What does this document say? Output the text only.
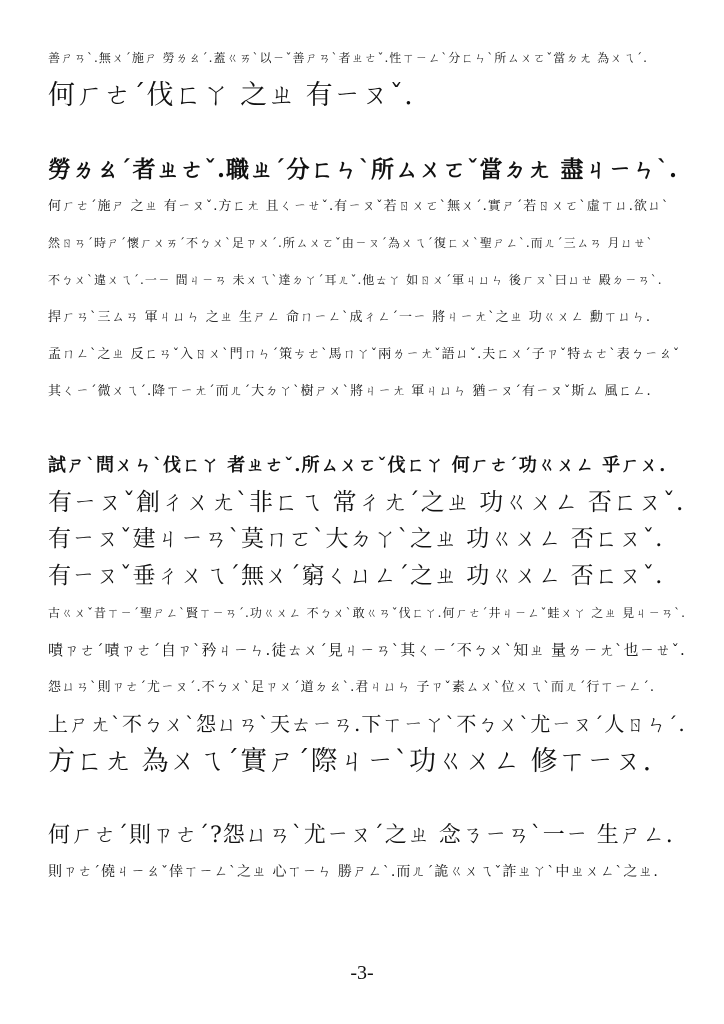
善ㄕㄢˋ.無ㄨˊ施ㄕ 勞ㄌㄠˊ.蓋ㄍㄞˋ以ㄧˇ善ㄕㄢˋ者ㄓㄜˇ.性ㄒㄧㄥˋ分ㄈㄣˋ所ㄙㄨㄛˇ當ㄉㄤ 為ㄨㄟˊ.
何ㄏㄜˊ伐ㄈㄚ 之ㄓ 有ㄧㄡˇ.
勞ㄌㄠˊ者ㄓㄜˇ.職ㄓˊ分ㄈㄣˋ所ㄙㄨㄛˇ當ㄉㄤ 盡ㄐㄧㄣˋ.
何ㄏㄜˊ施ㄕ 之ㄓ 有ㄧㄡˇ.方ㄈㄤ 且ㄑㄧㄝˇ.有ㄧㄡˇ若ㄖㄨㄛˋ無ㄨˊ.實ㄕˊ若ㄖㄨㄛˋ虛ㄒㄩ.欲ㄩˋ
然ㄖㄢˊ時ㄕˊ懷ㄏㄨㄞˊ不ㄅㄨˋ足ㄗㄨˊ.所ㄙㄨㄛˇ由ㄧㄡˊ為ㄨㄟˊ復ㄈㄨˋ聖ㄕㄥˋ.而ㄦˊ三ㄙㄢ 月ㄩㄝˋ
不ㄅㄨˋ違ㄨㄟˊ.一ㄧ 間ㄐㄧㄢ 未ㄨㄟˋ達ㄉㄚˊ耳ㄦˇ.他ㄊㄚ 如ㄖㄨˊ軍ㄐㄩㄣ 後ㄏㄡˋ曰ㄩㄝ 殿ㄉㄧㄢˋ.
捍ㄏㄢˋ三ㄙㄢ 軍ㄐㄩㄣ 之ㄓ 生ㄕㄥ 命ㄇㄧㄥˋ成ㄔㄥˊ一ㄧ 將ㄐㄧㄤˋ之ㄓ 功ㄍㄨㄥ 勳ㄒㄩㄣ.
孟ㄇㄥˋ之ㄓ 反ㄈㄢˇ入ㄖㄨˋ門ㄇㄣˊ策ㄘㄜˋ馬ㄇㄚˇ兩ㄌㄧㄤˇ語ㄩˇ.夫ㄈㄨˊ子ㄗˇ特ㄊㄜˋ表ㄅㄧㄠˇ
其ㄑㄧˊ微ㄨㄟˊ.降ㄒㄧㄤˊ而ㄦˊ大ㄉㄚˋ樹ㄕㄨˋ將ㄐㄧㄤ 軍ㄐㄩㄣ 猶ㄧㄡˊ有ㄧㄡˇ斯ㄙ 風ㄈㄥ.
試ㄕˋ問ㄨㄣˋ伐ㄈㄚ 者ㄓㄜˇ.所ㄙㄨㄛˇ伐ㄈㄚ 何ㄏㄜˊ功ㄍㄨㄥ 乎ㄏㄨ.
有ㄧㄡˇ創ㄔㄨㄤˋ非ㄈㄟ 常ㄔㄤˊ之ㄓ 功ㄍㄨㄥ 否ㄈㄡˇ.
有ㄧㄡˇ建ㄐㄧㄢˋ莫ㄇㄛˋ大ㄉㄚˋ之ㄓ 功ㄍㄨㄥ 否ㄈㄡˇ.
有ㄧㄡˇ垂ㄔㄨㄟˊ無ㄨˊ窮ㄑㄩㄥˊ之ㄓ 功ㄍㄨㄥ 否ㄈㄡˇ.
古ㄍㄨˇ昔ㄒㄧˊ聖ㄕㄥˋ賢ㄒㄧㄢˊ.功ㄍㄨㄥ 不ㄅㄨˋ敢ㄍㄢˇ伐ㄈㄚ.何ㄏㄜˊ井ㄐㄧㄥˇ蛙ㄨㄚ 之ㄓ 見ㄐㄧㄢˋ.
嘖ㄗㄜˊ嘖ㄗㄜˊ自ㄗˋ矜ㄐㄧㄣ.徒ㄊㄨˊ見ㄐㄧㄢˋ其ㄑㄧˊ不ㄅㄨˋ知ㄓ 量ㄌㄧㄤˋ也ㄧㄝˇ.
怨ㄩㄢˋ則ㄗㄜˊ尤ㄧㄡˊ.不ㄅㄨˋ足ㄗㄨˊ道ㄉㄠˋ.君ㄐㄩㄣ 子ㄗˇ素ㄙㄨˋ位ㄨㄟˋ而ㄦˊ行ㄒㄧㄥˊ.
上ㄕㄤˋ不ㄅㄨˋ怨ㄩㄢˋ天ㄊㄧㄢ.下ㄒㄧㄚˋ不ㄅㄨˋ尤ㄧㄡˊ人ㄖㄣˊ.
方ㄈㄤ 為ㄨㄟˊ實ㄕˊ際ㄐㄧˋ功ㄍㄨㄥ 修ㄒㄧㄡ.
何ㄏㄜˊ則ㄗㄜˊ?怨ㄩㄢˋ尤ㄧㄡˊ之ㄓ 念ㄋㄧㄢˋ一ㄧ 生ㄕㄥ.
則ㄗㄜˊ僥ㄐㄧㄠˇ倖ㄒㄧㄥˋ之ㄓ 心ㄒㄧㄣ 勝ㄕㄥˋ.而ㄦˊ詭ㄍㄨㄟˇ詐ㄓㄚˋ中ㄓㄨㄥˋ之ㄓ.
-3-
